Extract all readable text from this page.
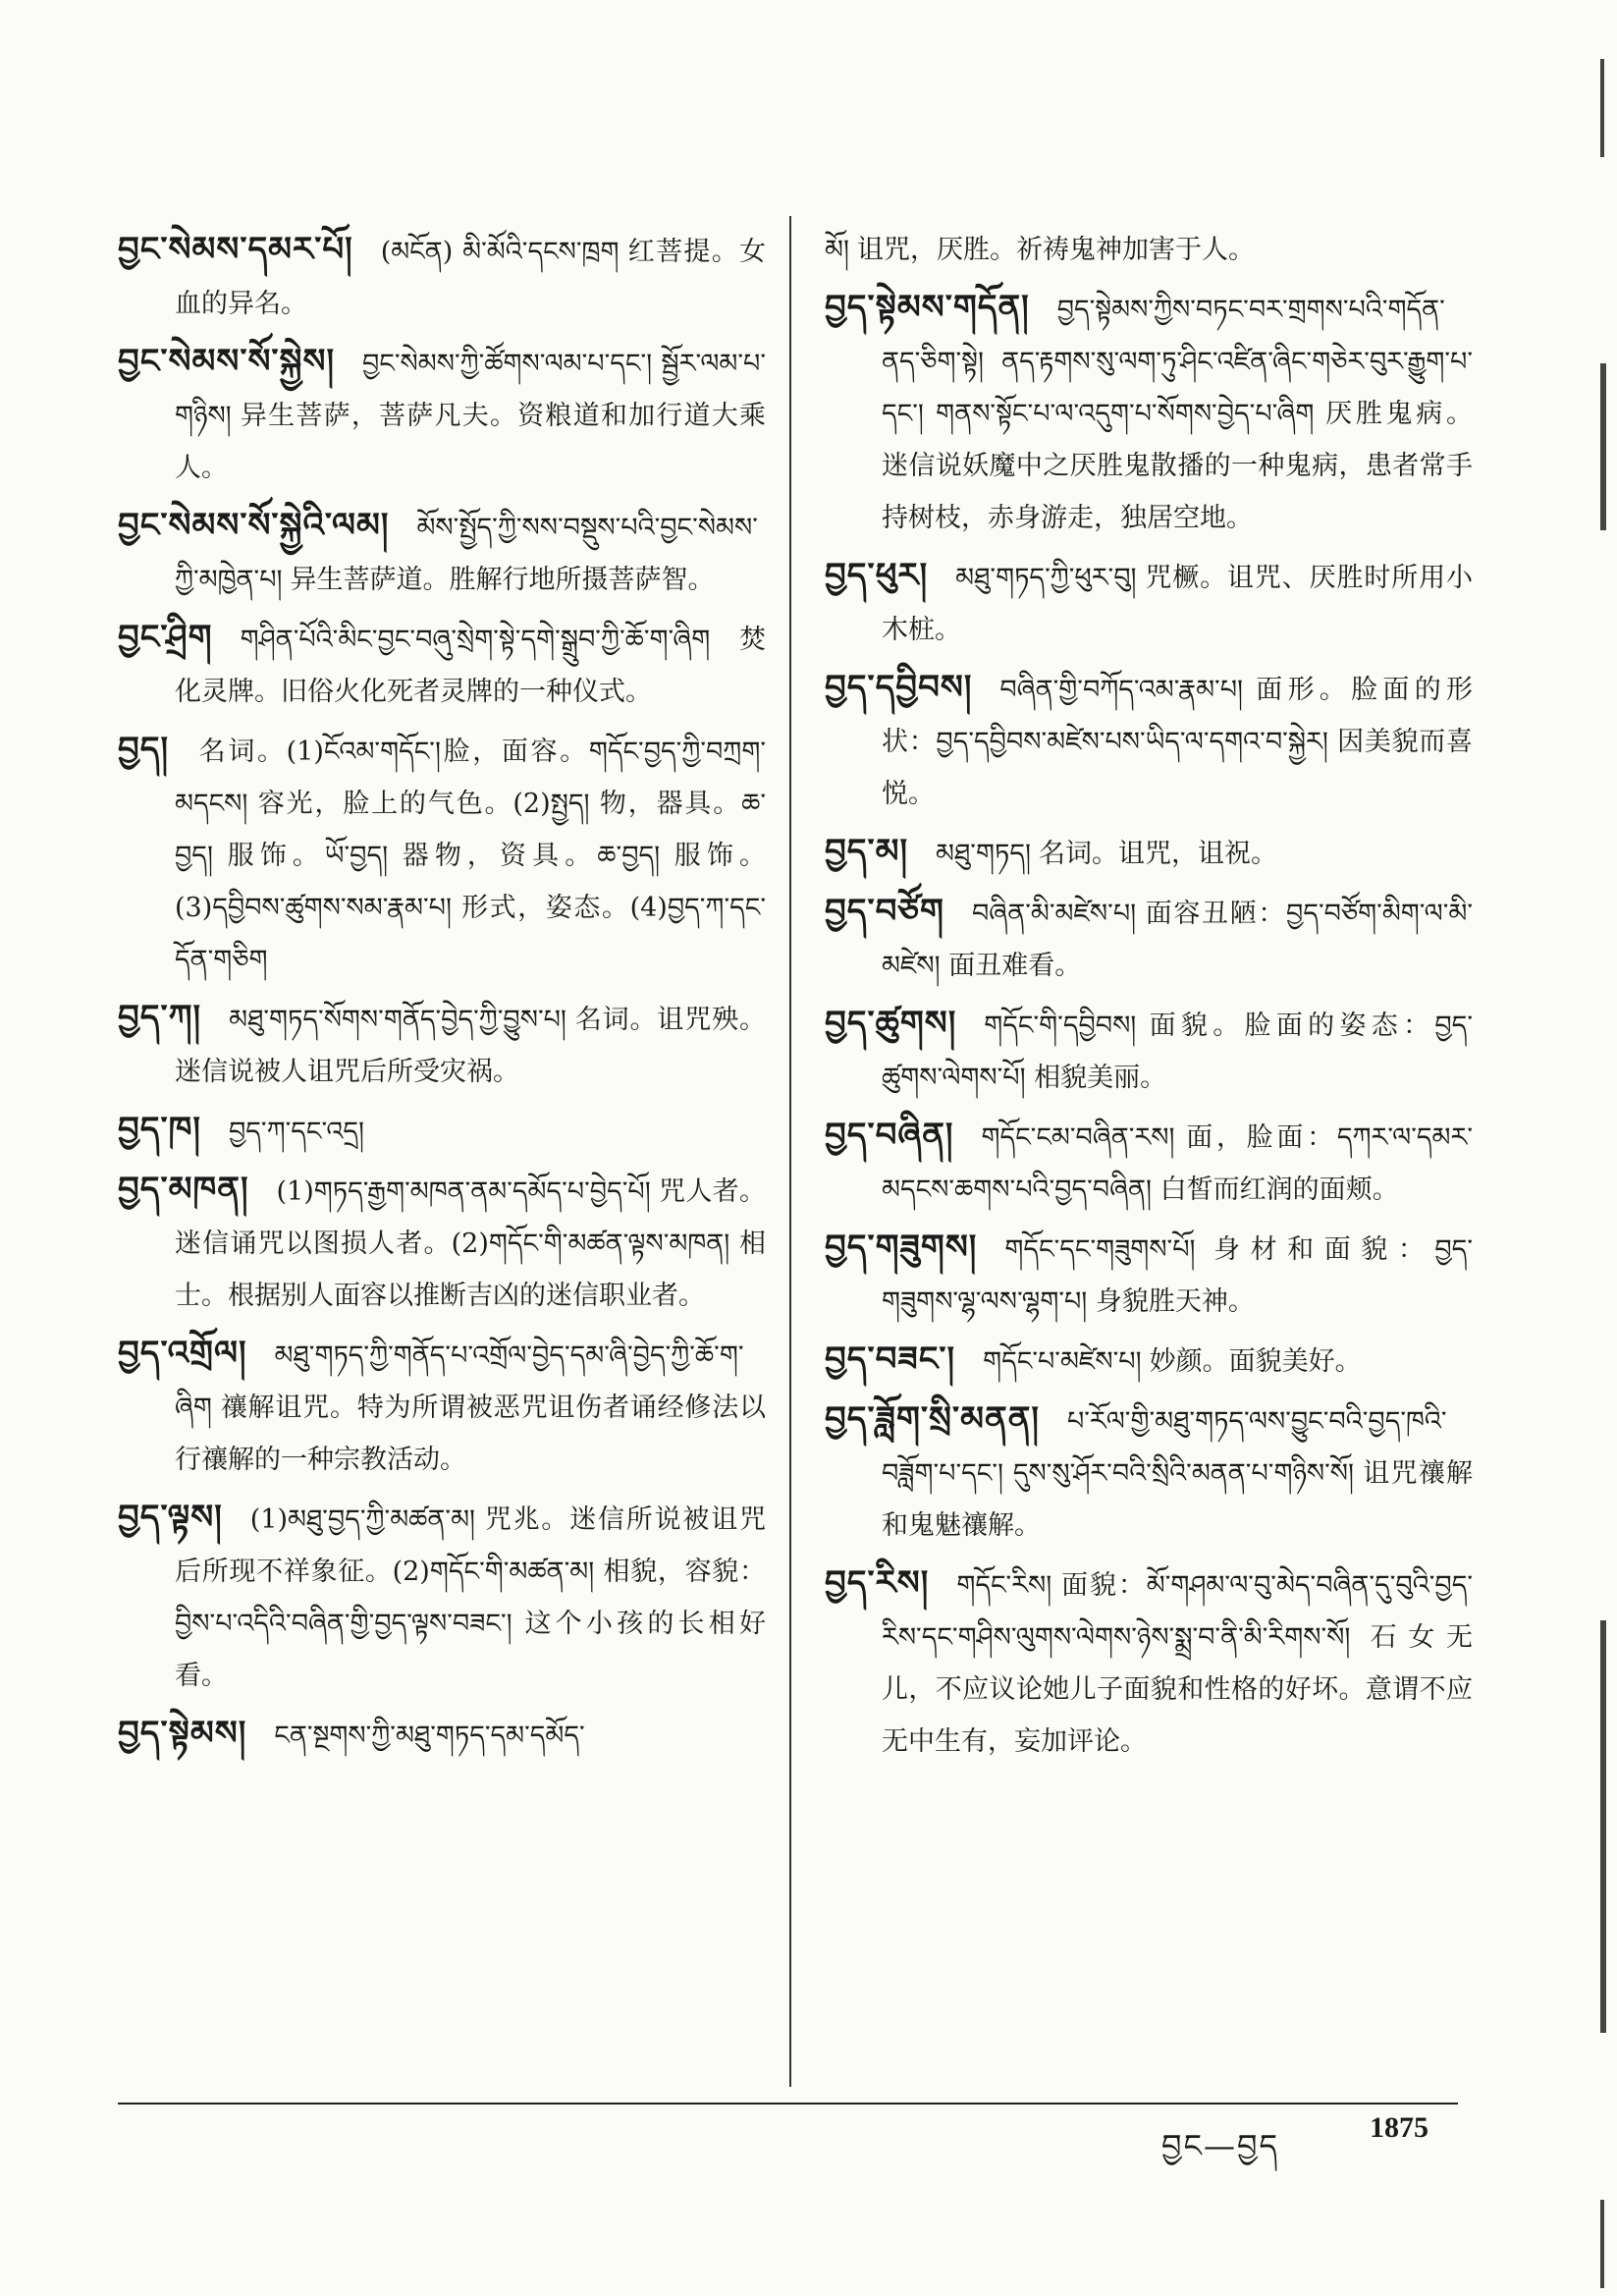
བྱང་སེམས་དམར་པོ། (མངོན) མི་མོའི་དངས་ཁྲག 红菩提。女血的异名。

བྱང་སེམས་སོ་སྐྱེས། བྱང་སེམས་ཀྱི་ཚོགས་ལམ་པ་དང་། སྦྱོར་ལམ་པ་གཉིས། 异生菩萨，菩萨凡夫。资粮道和加行道大乘人。

བྱང་སེམས་སོ་སྐྱེའི་ལམ། མོས་སྤྱོད་ཀྱི་སས་བསྡུས་པའི་བྱང་སེམས་ཀྱི་མཁྱེན་པ། 异生菩萨道。胜解行地所摄菩萨智。

བྱང་ཤྲིག གཤིན་པོའི་མིང་བྱང་བཞུ་སྲེག་སྟེ་དགེ་སྒྲུབ་ཀྱི་ཆོ་ག་ཞིག 焚化灵牌。旧俗火化死者灵牌的一种仪式。

བྱད། 名词。(1)ངོའམ་གདོང་།脸，面容。གདོང་བྱད་ཀྱི་བཀྲག་མདངས། 容光，脸上的气色。(2)སྤྱད། 物，器具。ཆ་བྱད། 服饰。ཡོ་བྱད། 器物，资具。ཆ་བྱད། 服饰。(3)དབྱིབས་ཚུགས་སམ་རྣམ་པ། 形式，姿态。(4)བྱད་ཀ་དང་དོན་གཅིག

བྱད་ཀ། མཐུ་གཏད་སོགས་གནོད་བྱེད་ཀྱི་བྱུས་པ། 名词。诅咒殃。迷信说被人诅咒后所受灾祸。

བྱད་ཁ། བྱད་ཀ་དང་འདྲ།

བྱད་མཁན། (1)གཏད་རྒྱག་མཁན་ནམ་དམོད་པ་བྱེད་པོ། 咒人者。迷信诵咒以图损人者。(2)གདོང་གི་མཚན་ལྟས་མཁན། 相士。根据别人面容以推断吉凶的迷信职业者。

བྱད་འགྲོལ། མཐུ་གཏད་ཀྱི་གནོད་པ་འགྲོལ་བྱེད་དམ་ཞི་བྱེད་ཀྱི་ཆོ་ག་ཞིག 禳解诅咒。特为所谓被恶咒诅伤者诵经修法以行禳解的一种宗教活动。

བྱད་ལྟས། (1)མཐུ་བྱད་ཀྱི་མཚན་མ། 咒兆。迷信所说被诅咒后所现不祥象征。(2)གདོང་གི་མཚན་མ། 相貌，容貌：བྱིས་པ་འདིའི་བཞིན་གྱི་བྱད་ལྟས་བཟང་། 这个小孩的长相好看。

བྱད་སྟེམས། ངན་སྔགས་ཀྱི་མཐུ་གཏད་དམ་དམོད་

མོ། 诅咒，厌胜。祈祷鬼神加害于人。

བྱད་སྟེམས་གདོན། བྱད་སྟེམས་ཀྱིས་བཏང་བར་གྲགས་པའི་གདོན་ནད་ཅིག་སྟེ། ནད་རྟགས་སུ་ལག་ཏུ་ཤིང་འཛིན་ཞིང་གཅེར་བུར་རྒྱུག་པ་དང་། གནས་སྟོང་པ་ལ་འདུག་པ་སོགས་བྱེད་པ་ཞིག 厌胜鬼病。迷信说妖魔中之厌胜鬼散播的一种鬼病，患者常手持树枝，赤身游走，独居空地。

བྱད་ཕུར། མཐུ་གཏད་ཀྱི་ཕུར་བུ། 咒橛。诅咒、厌胜时所用小木桩。

བྱད་དབྱིབས། བཞིན་གྱི་བཀོད་འམ་རྣམ་པ། 面形。脸面的形状：བྱད་དབྱིབས་མཛེས་པས་ཡིད་ལ་དགའ་བ་སྐྱེར། 因美貌而喜悦。

བྱད་མ། མཐུ་གཏད། 名词。诅咒，诅祝。

བྱད་བཙོག བཞིན་མི་མཛེས་པ། 面容丑陋：བྱད་བཙོག་མིག་ལ་མི་མཛེས། 面丑难看。

བྱད་ཚུགས། གདོང་གི་དབྱིབས། 面貌。脸面的姿态：བྱད་ཚུགས་ལེགས་པོ། 相貌美丽。

བྱད་བཞིན། གདོང་ངམ་བཞིན་རས། 面，脸面：དཀར་ལ་དམར་མདངས་ཆགས་པའི་བྱད་བཞིན། 白皙而红润的面颊。

བྱད་གཟུགས། གདོང་དང་གཟུགས་པོ། 身材和面貌：བྱད་གཟུགས་ལྷ་ལས་ལྷག་པ། 身貌胜天神。

བྱད་བཟང་། གདོང་པ་མཛེས་པ། 妙颜。面貌美好。

བྱད་ཟློག་སྲི་མནན། པ་རོལ་གྱི་མཐུ་གཏད་ལས་བྱུང་བའི་བྱད་ཁའི་བཟློག་པ་དང་། དུས་སུ་ཤོར་བའི་སྲིའི་མནན་པ་གཉིས་སོ། 诅咒禳解和鬼魅禳解。

བྱད་རིས། གདོང་རིས། 面貌：མོ་གཤམ་ལ་བུ་མེད་བཞིན་དུ་བུའི་བྱད་རིས་དང་གཤིས་ལུགས་ལེགས་ཉེས་སྨྲ་བ་ནི་མི་རིགས་སོ། 石女无儿，不应议论她儿子面貌和性格的好坏。意谓不应无中生有，妄加评论。

བྱང—བྱད	1875
